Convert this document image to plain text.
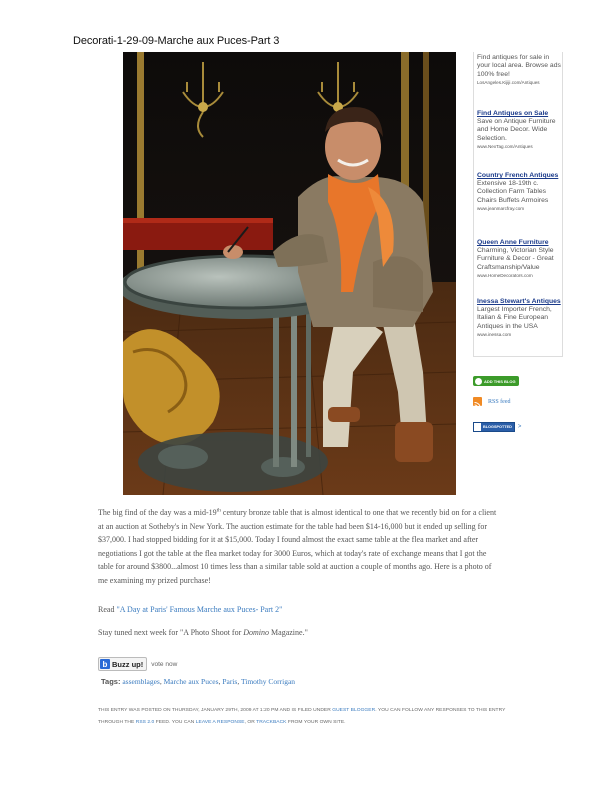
Decorati-1-29-09-Marche aux Puces-Part 3
Find antiques for sale in your local area. Browse ads 100% free!
LosAngeles.Kijiji.com/Antiques
Find Antiques on Sale
Save on Antique Furniture and Home Decor. Wide Selection.
www.NexTag.com/Antiques
Country French Antiques
Extensive 18-19th c. Collection Farm Tables Chairs Buffets Armoires
www.jeanmarcfray.com
Queen Anne Furniture
Charming, Victorian Style Furniture & Decor - Great Craftsmanship/Value
www.HomeDecorators.com
Inessa Stewart's Antiques
Largest Importer French, Italian & Fine European Antiques in the USA
www.inessa.com
ADD THIS BLOG
RSS feed
BLOGSPOTTED	>
The big find of the day was a mid-19th century bronze table that is almost identical to one that we recently bid on for a client at an auction at Sotheby's in New York. The auction estimate for the table had been $14-16,000 but it ended up selling for $37,000. I had stopped bidding for it at $15,000. Today I found almost the exact same table at the flea market and after negotiations I got the table at the flea market today for 3000 Euros, which at today's rate of exchange means that I got the table for around $3800...almost 10 times less than a similar table sold at auction a couple of months ago. Here is a photo of me examining my prized purchase!
Read "A Day at Paris' Famous Marche aux Puces- Part 2"
Stay tuned next week for "A Photo Shoot for Domino Magazine."
b Buzz up! vote now
Tags: assemblages, Marche aux Puces, Paris, Timothy Corrigan
THIS ENTRY WAS POSTED ON THURSDAY, JANUARY 29TH, 2009 AT 1:20 PM AND IS FILED UNDER GUEST BLOGGER. YOU CAN FOLLOW ANY RESPONSES TO THIS ENTRY THROUGH THE RSS 2.0 FEED. YOU CAN LEAVE A RESPONSE, OR TRACKBACK FROM YOUR OWN SITE.
